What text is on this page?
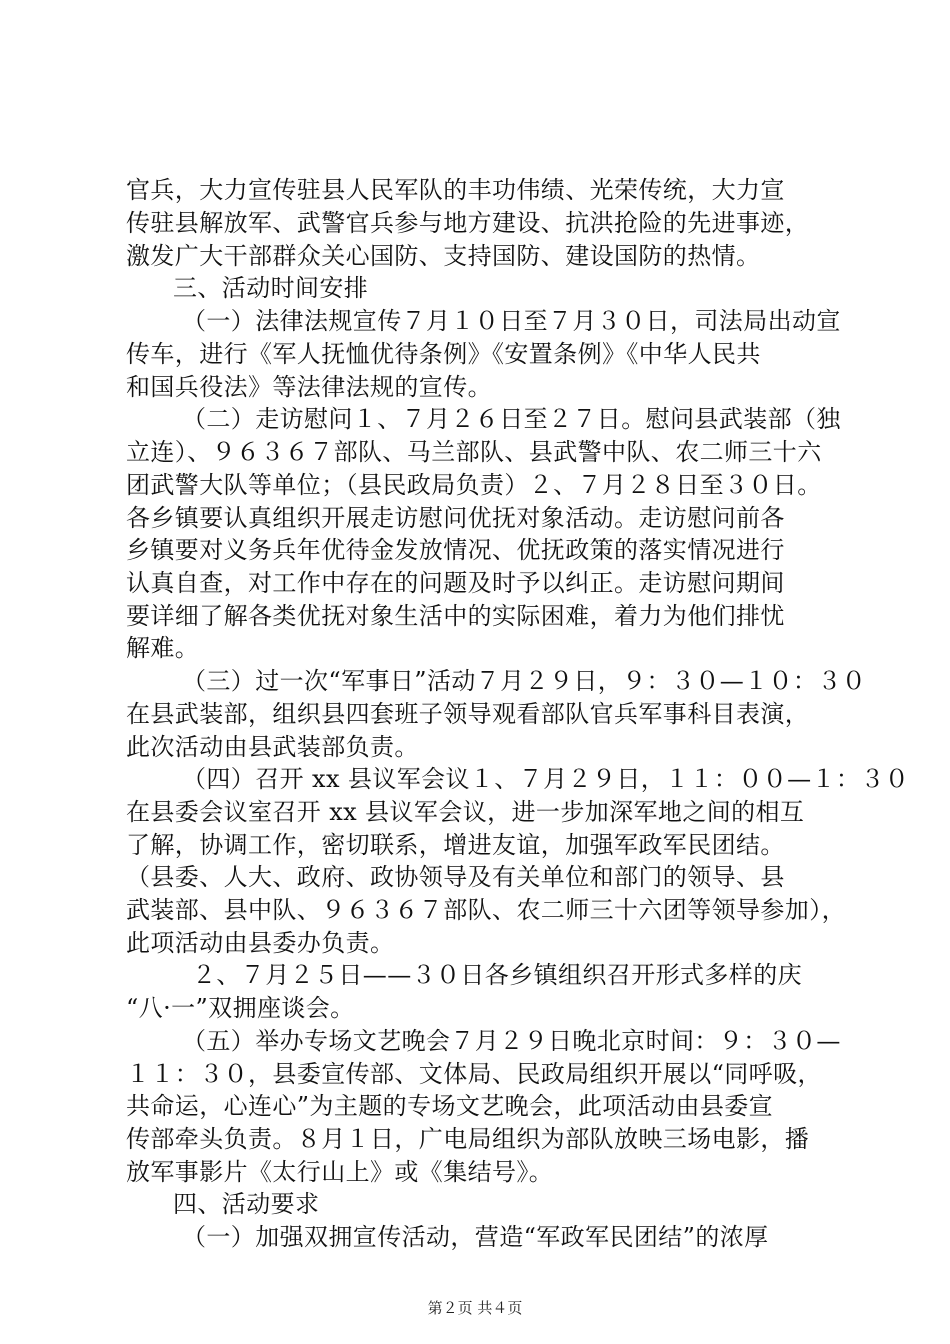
官兵，大力宣传驻县人民军队的丰功伟绩、光荣传统，大力宣
传驻县解放军、武警官兵参与地方建设、抗洪抢险的先进事迹，
激发广大干部群众关心国防、支持国防、建设国防的热情。
三、活动时间安排
（一）法律法规宣传７月１０日至７月３０日，司法局出动宣
传车，进行《军人抚恤优待条例》《安置条例》《中华人民共
和国兵役法》等法律法规的宣传。
（二）走访慰问１、７月２６日至２７日。慰问县武装部（独
立连）、９６３６７部队、马兰部队、县武警中队、农二师三十六
团武警大队等单位；（县民政局负责）２、７月２８日至３０日。
各乡镇要认真组织开展走访慰问优抚对象活动。走访慰问前各
乡镇要对义务兵年优待金发放情况、优抚政策的落实情况进行
认真自查，对工作中存在的问题及时予以纠正。走访慰问期间
要详细了解各类优抚对象生活中的实际困难，着力为他们排忧
解难。
（三）过一次“军事日”活动７月２９日，９：３０—１０：３０
在县武装部，组织县四套班子领导观看部队官兵军事科目表演，
此次活动由县武装部负责。
（四）召开 xx 县议军会议１、７月２９日，１１：００—１：３０
在县委会议室召开 xx 县议军会议，进一步加深军地之间的相互
了解，协调工作，密切联系，增进友谊，加强军政军民团结。
（县委、人大、政府、政协领导及有关单位和部门的领导、县
武装部、县中队、９６３６７部队、农二师三十六团等领导参加），
此项活动由县委办负责。
２、７月２５日——３０日各乡镇组织召开形式多样的庆
“八·一”双拥座谈会。
（五）举办专场文艺晚会７月２９日晚北京时间：９：３０—
１１：３０，县委宣传部、文体局、民政局组织开展以“同呼吸，
共命运，心连心”为主题的专场文艺晚会，此项活动由县委宣
传部牵头负责。８月１日，广电局组织为部队放映三场电影，播
放军事影片《太行山上》或《集结号》。
四、活动要求
（一）加强双拥宣传活动，营造“军政军民团结”的浓厚
第２页 共４页
